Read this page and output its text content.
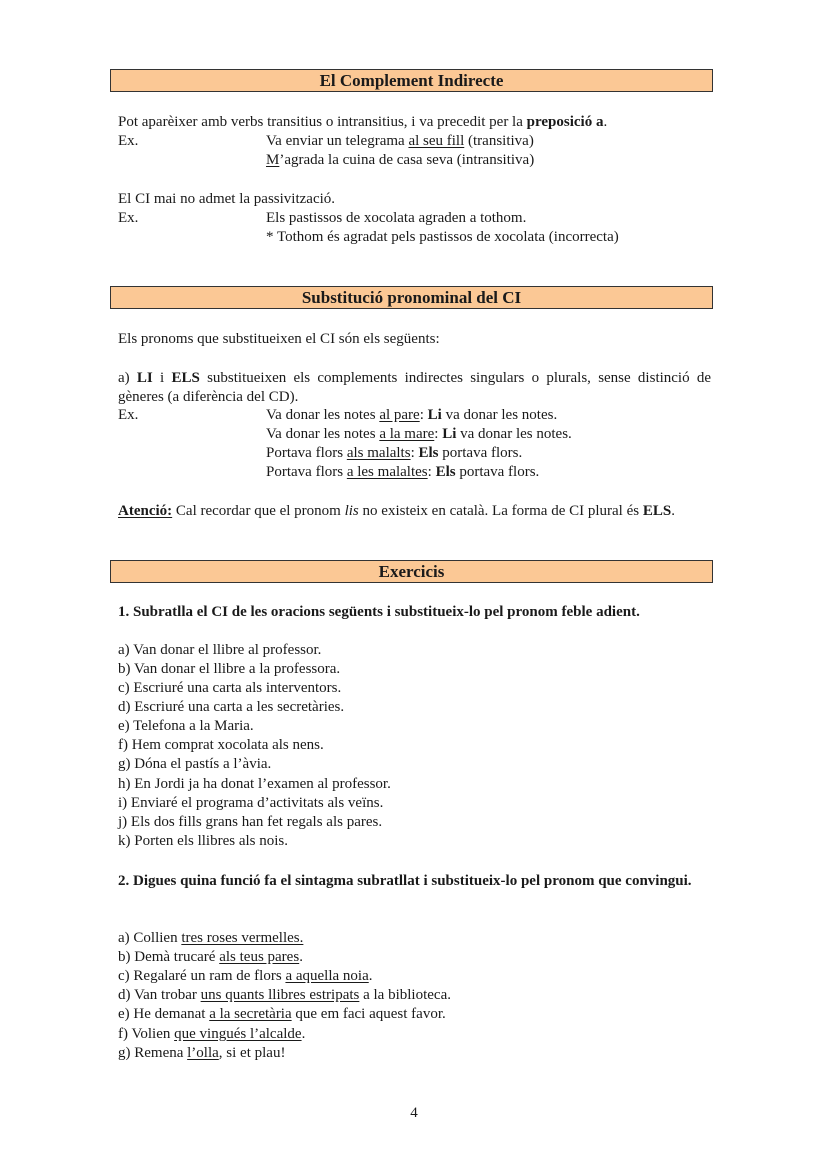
El Complement Indirecte
Pot aparèixer amb verbs transitius o intransitius, i va precedit per la preposició a.
Ex.	Va enviar un telegrama al seu fill (transitiva)
M’agrada la cuina de casa seva (intransitiva)
El CI mai no admet la passivització.
Ex.	Els pastissos de xocolata agraden a tothom.
* Tothom és agradat pels pastissos de xocolata (incorrecta)
Substitució pronominal del CI
Els pronoms que substitueixen el CI són els següents:
a) LI i ELS substitueixen els complements indirectes singulars o plurals, sense distinció de gèneres (a diferència del CD).
Ex.	Va donar les notes al pare: Li va donar les notes.
Va donar les notes a la mare: Li va donar les notes.
Portava flors als malalts: Els portava flors.
Portava flors a les malaltes: Els portava flors.
Atenció: Cal recordar que el pronom lis no existeix en català. La forma de CI plural és ELS.
Exercicis
1. Subratlla el CI de les oracions següents i substitueix-lo pel pronom feble adient.
a) Van donar el llibre al professor.
b) Van donar el llibre a la professora.
c) Escriuré una carta als interventors.
d) Escriuré una carta a les secretàries.
e) Telefona a la Maria.
f) Hem comprat xocolata als nens.
g) Dóna el pastís a l’àvia.
h) En Jordi ja ha donat l’examen al professor.
i) Enviaré el programa d’activitats als veïns.
j) Els dos fills grans han fet regals als pares.
k) Porten els llibres als nois.
2. Digues quina funció fa el sintagma subratllat i substitueix-lo pel pronom que convingui.
a) Collien tres roses vermelles.
b) Demà trucaré als teus pares.
c) Regalaré un ram de flors a aquella noia.
d) Van trobar uns quants llibres estripats a la biblioteca.
e) He demanat a la secretària que em faci aquest favor.
f) Volien que vingués l’alcalde.
g) Remena l’olla, si et plau!
4
